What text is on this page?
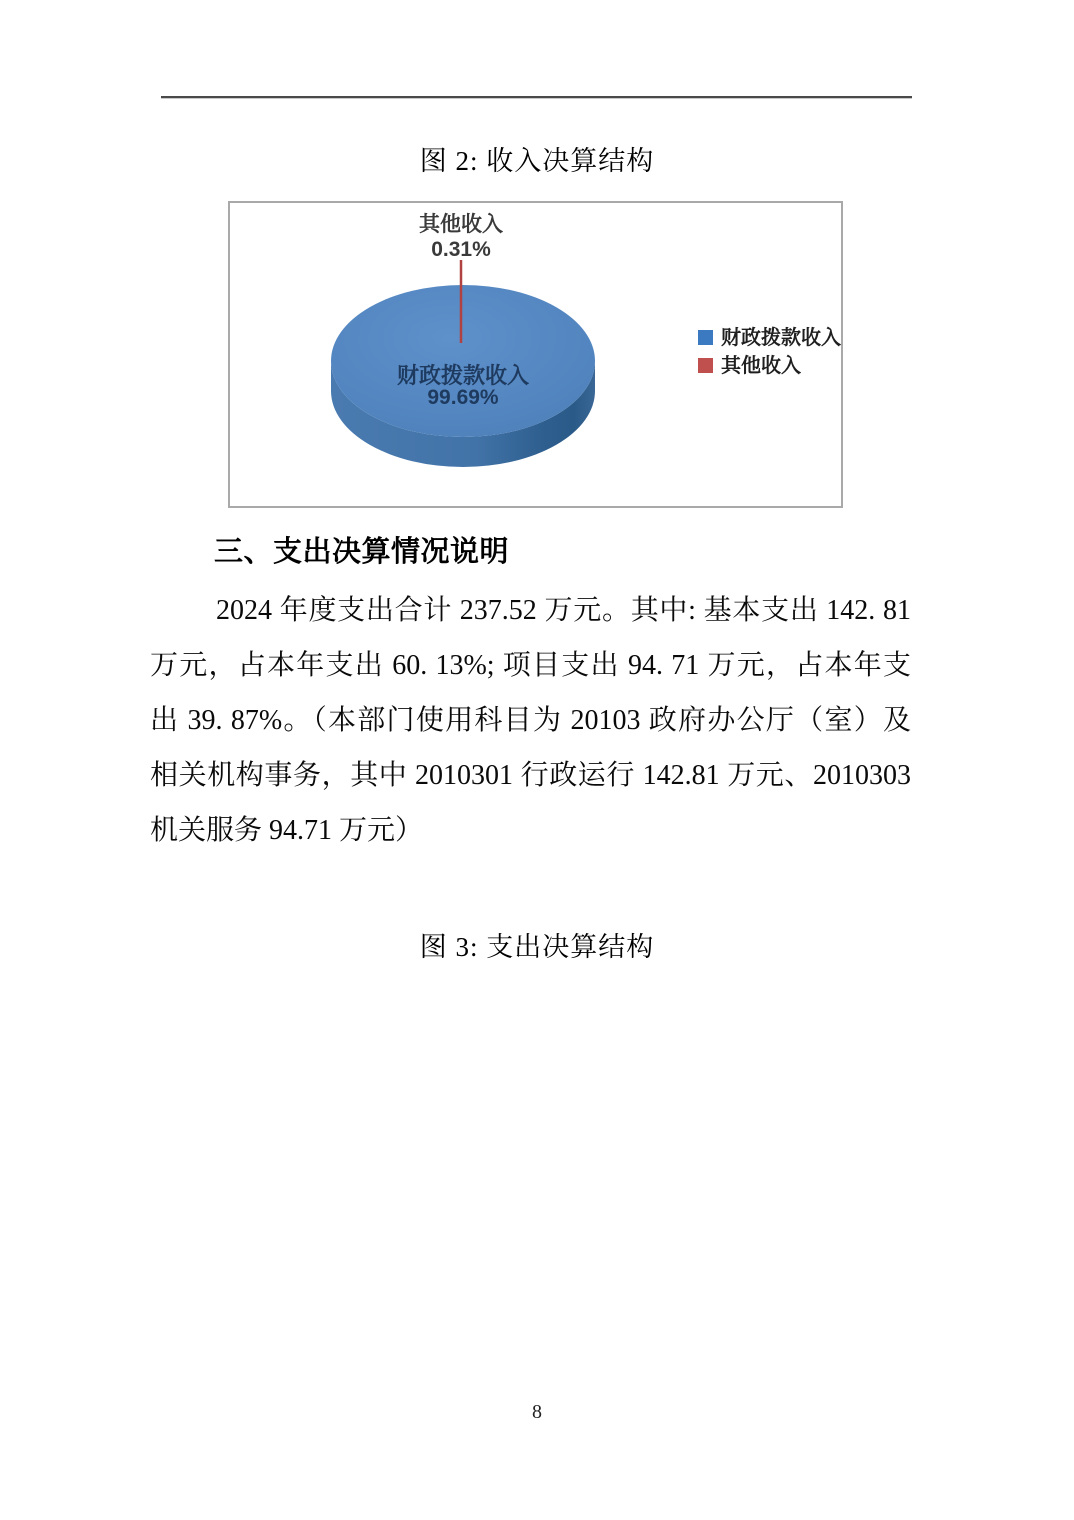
图 2: 收入决算结构
其他收入
0.31%
财政拨款收入
99.69%
财政拨款收入
其他收入
三、支出决算情况说明
2024 年度支出合计 237.52 万元。其中: 基本支出 142. 81
万元，占本年支出 60. 13%; 项目支出 94. 71 万元，占本年支
出 39. 87%。（本部门使用科目为 20103 政府办公厅（室）及
相关机构事务，其中 2010301 行政运行 142.81 万元、2010303
机关服务 94.71 万元）
图 3: 支出决算结构
8
